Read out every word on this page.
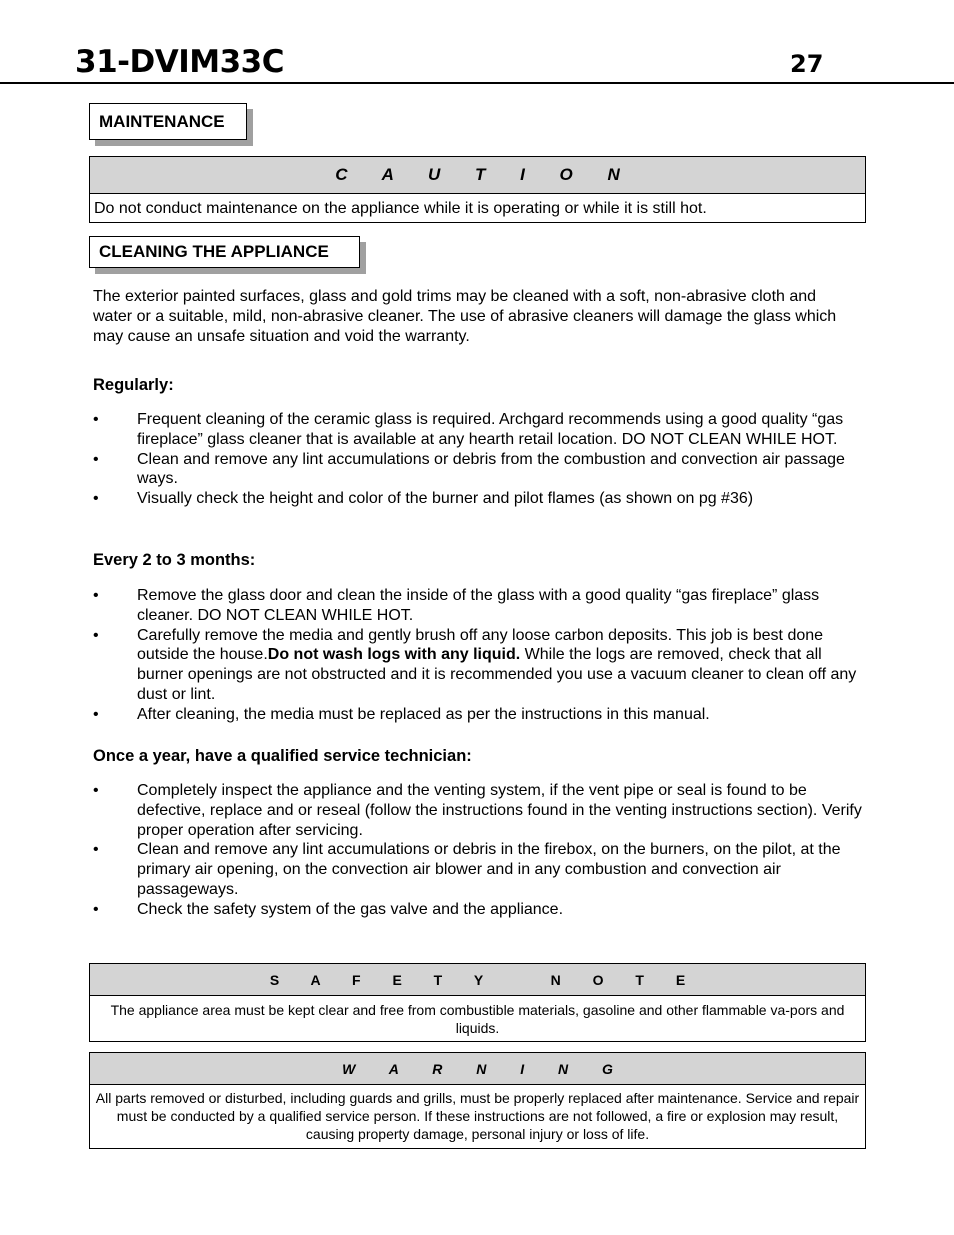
31-DVIM33C	27
MAINTENANCE
C A U T I O N
Do not conduct maintenance on the appliance while it is operating or while it is still hot.
CLEANING THE APPLIANCE
The exterior painted surfaces, glass and gold trims may be cleaned with a soft, non-abrasive cloth and water or a suitable, mild, non-abrasive cleaner. The use of abrasive cleaners will damage the glass which may cause an unsafe situation and void the warranty.
Regularly:
• Frequent cleaning of the ceramic glass is required. Archgard recommends using a good quality “gas fireplace” glass cleaner that is available at any hearth retail location. DO NOT CLEAN WHILE HOT.
• Clean and remove any lint accumulations or debris from the combustion and convection air passage ways.
• Visually check the height and color of the burner and pilot flames (as shown on pg #36)
Every 2 to 3 months:
• Remove the glass door and clean the inside of the glass with a good quality “gas fireplace” glass cleaner. DO NOT CLEAN WHILE HOT.
• Carefully remove the media and gently brush off any loose carbon deposits. This job is best done outside the house.Do not wash logs with any liquid. While the logs are removed, check that all burner openings are not obstructed and it is recommended you use a vacuum cleaner to clean off any dust or lint.
• After cleaning, the media must be replaced as per the instructions in this manual.
Once a year, have a qualified service technician:
• Completely inspect the appliance and the venting system, if the vent pipe or seal is found to be defective, replace and or reseal (follow the instructions found in the venting instructions section). Verify proper operation after servicing.
• Clean and remove any lint accumulations or debris in the firebox, on the burners, on the pilot, at the primary air opening, on the convection air blower and in any combustion and convection air passageways.
• Check the safety system of the gas valve and the appliance.
S A F E T Y   N O T E
The appliance area must be kept clear and free from combustible materials, gasoline and other flammable va-pors and liquids.
W A R N I N G
All parts removed or disturbed, including guards and grills, must be properly replaced after maintenance. Service and repair must be conducted by a qualified service person. If these instructions are not followed, a fire or explosion may result, causing property damage, personal injury or loss of life.
